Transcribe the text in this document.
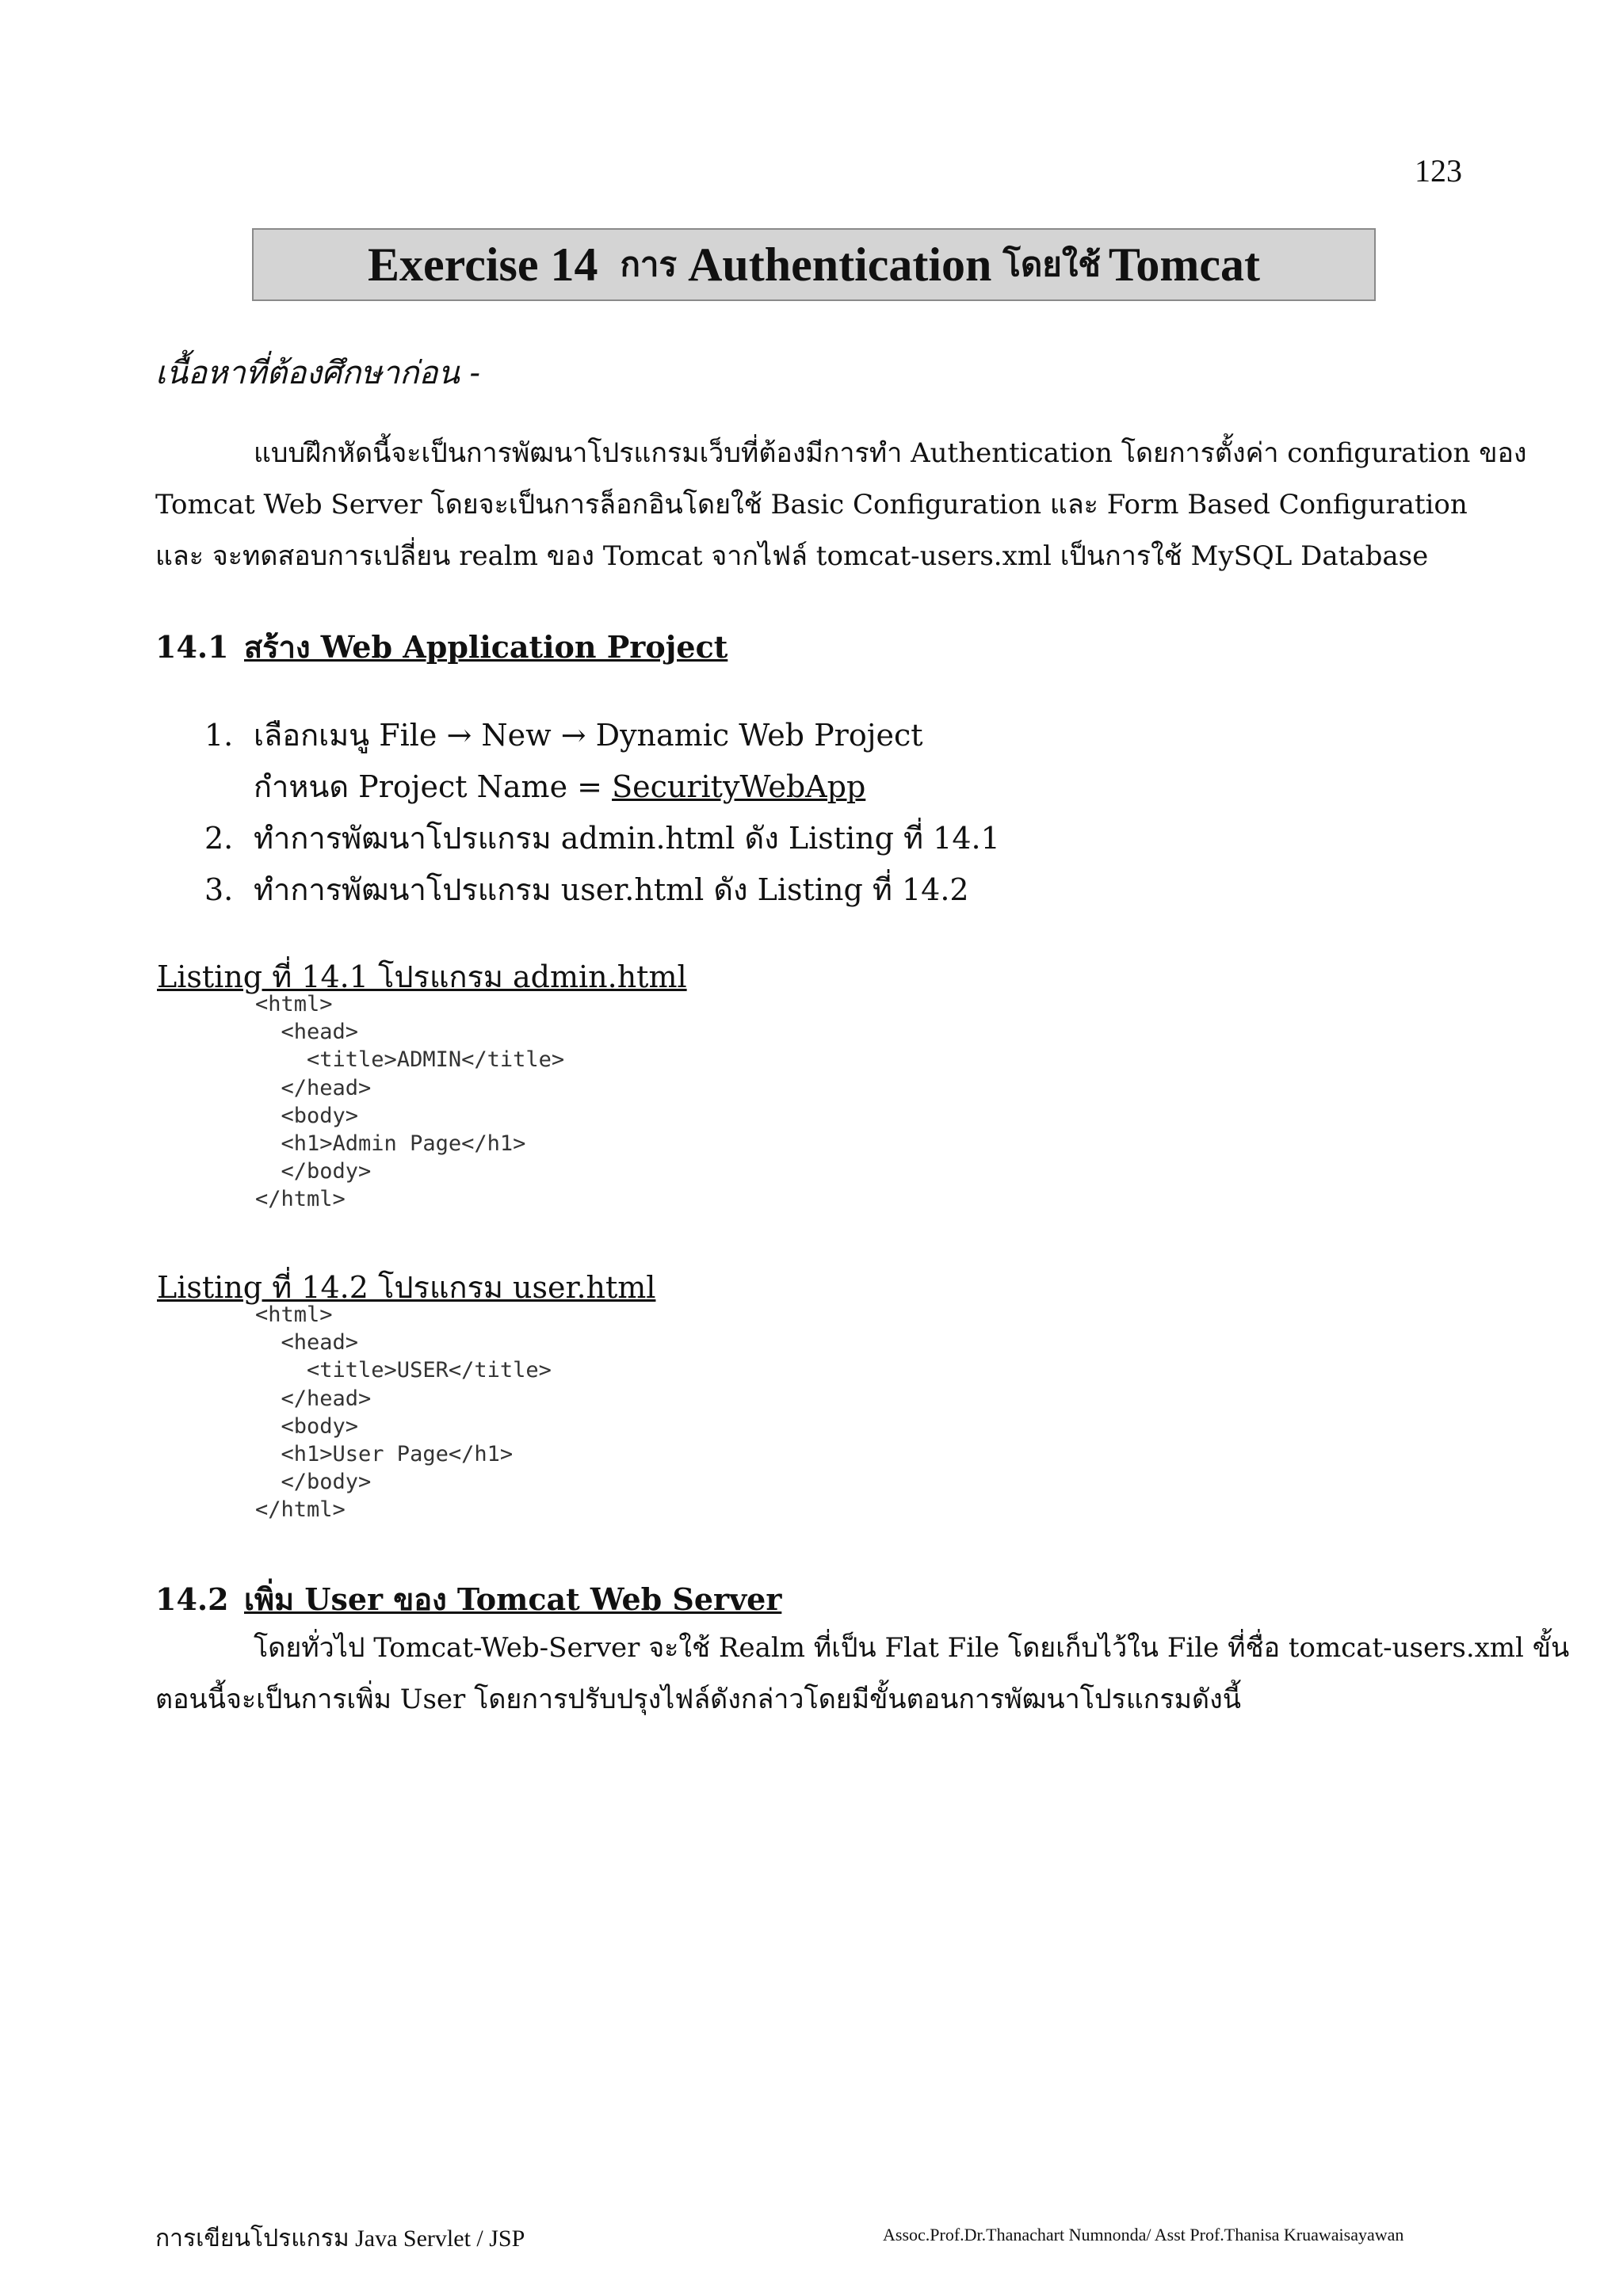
123
Exercise 14 การ Authentication โดยใช้ Tomcat
เนื้อหาที่ต้องศึกษาก่อน -
แบบฝึกหัดนี้จะเป็นการพัฒนาโปรแกรมเว็บที่ต้องมีการทำ Authentication โดยการตั้งค่า configuration ของ
Tomcat Web Server โดยจะเป็นการล็อกอินโดยใช้ Basic Configuration และ Form Based Configuration
และ จะทดสอบการเปลี่ยน realm ของ Tomcat จากไฟล์ tomcat-users.xml เป็นการใช้ MySQL Database
14.1 สร้าง Web Application Project
1. เลือกเมนู File → New → Dynamic Web Project
กำหนด Project Name = SecurityWebApp
2. ทำการพัฒนาโปรแกรม admin.html ดัง Listing ที่ 14.1
3. ทำการพัฒนาโปรแกรม user.html ดัง Listing ที่ 14.2
Listing ที่ 14.1 โปรแกรม admin.html
<html>
<head>
<title>ADMIN</title>
</head>
<body>
<h1>Admin Page</h1>
</body>
</html>
Listing ที่ 14.2 โปรแกรม user.html
<html>
<head>
<title>USER</title>
</head>
<body>
<h1>User Page</h1>
</body>
</html>
14.2 เพิ่ม User ของ Tomcat Web Server
โดยทั่วไป Tomcat-Web-Server จะใช้ Realm ที่เป็น Flat File โดยเก็บไว้ใน File ที่ชื่อ tomcat-users.xml ขั้น
ตอนนี้จะเป็นการเพิ่ม User โดยการปรับปรุงไฟล์ดังกล่าวโดยมีขั้นตอนการพัฒนาโปรแกรมดังนี้
การเขียนโปรแกรม Java Servlet / JSP	Assoc.Prof.Dr.Thanachart Numnonda/ Asst Prof.Thanisa Kruawaisayawan
